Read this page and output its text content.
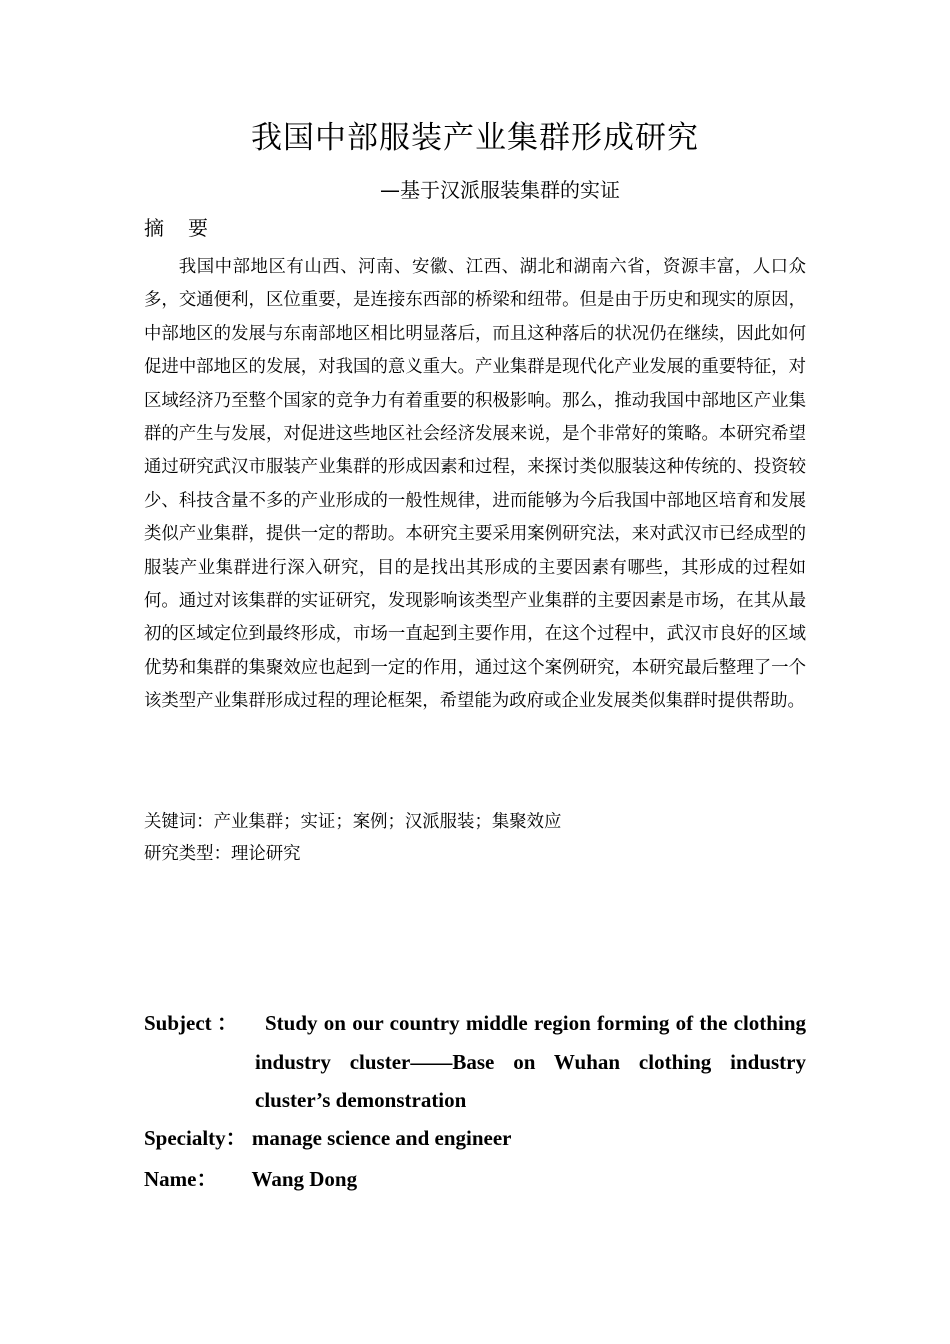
我国中部服装产业集群形成研究
—基于汉派服装集群的实证
摘要
我国中部地区有山西、河南、安徽、江西、湖北和湖南六省，资源丰富，人口众多，交通便利，区位重要，是连接东西部的桥梁和纽带。但是由于历史和现实的原因，中部地区的发展与东南部地区相比明显落后，而且这种落后的状况仍在继续，因此如何促进中部地区的发展，对我国的意义重大。产业集群是现代化产业发展的重要特征，对区域经济乃至整个国家的竞争力有着重要的积极影响。那么，推动我国中部地区产业集群的产生与发展，对促进这些地区社会经济发展来说，是个非常好的策略。本研究希望通过研究武汉市服装产业集群的形成因素和过程，来探讨类似服装这种传统的、投资较少、科技含量不多的产业形成的一般性规律，进而能够为今后我国中部地区培育和发展类似产业集群，提供一定的帮助。本研究主要采用案例研究法，来对武汉市已经成型的服装产业集群进行深入研究，目的是找出其形成的主要因素有哪些，其形成的过程如何。通过对该集群的实证研究，发现影响该类型产业集群的主要因素是市场，在其从最初的区域定位到最终形成，市场一直起到主要作用，在这个过程中，武汉市良好的区域优势和集群的集聚效应也起到一定的作用，通过这个案例研究，本研究最后整理了一个该类型产业集群形成过程的理论框架，希望能为政府或企业发展类似集群时提供帮助。
关键词：产业集群；实证；案例；汉派服装；集聚效应
研究类型：理论研究
Subject ：	Study on our country middle region forming of the clothing industry cluster——Base on Wuhan clothing industry cluster’s demonstration
Specialty： manage science and engineer
Name： Wang Dong
